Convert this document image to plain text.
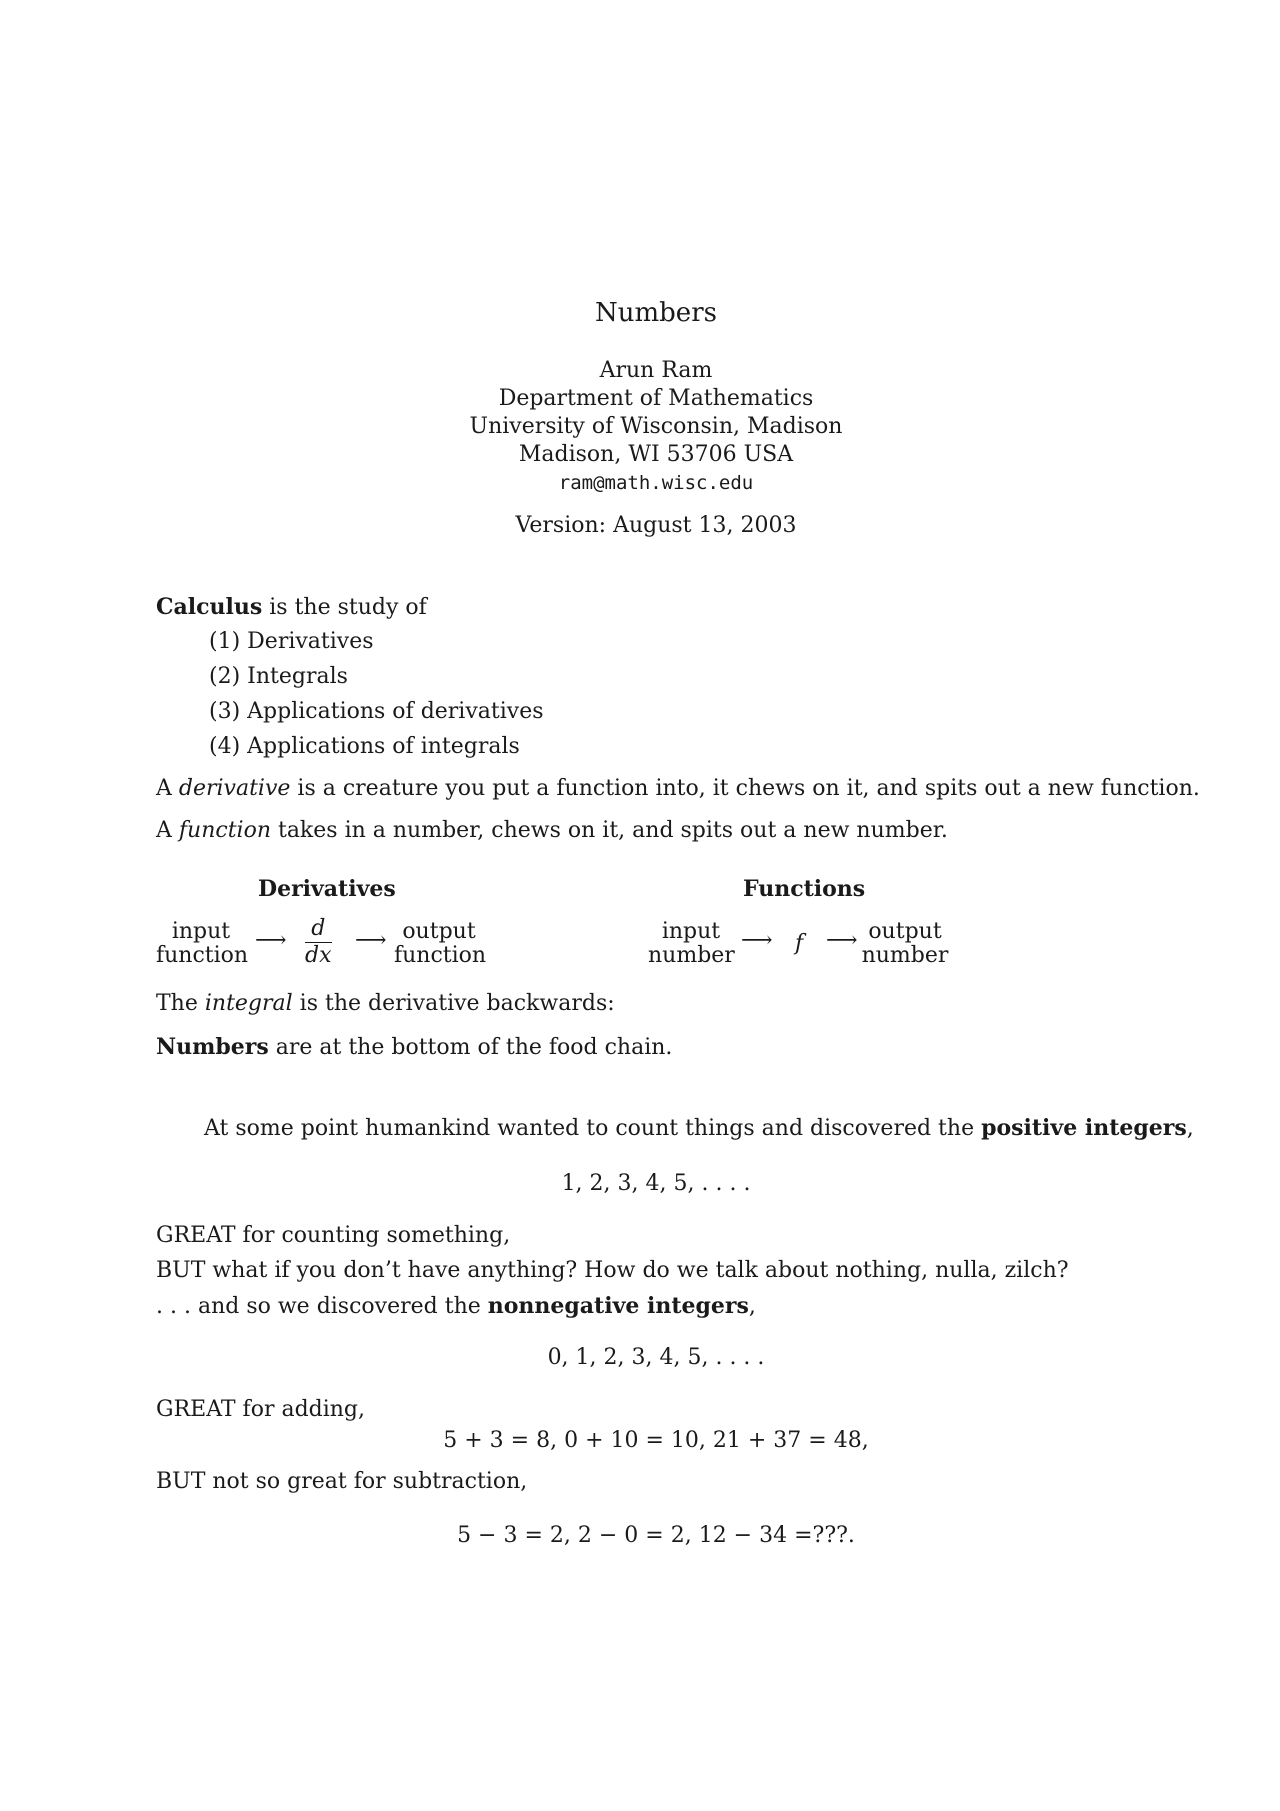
Numbers
Arun Ram
Department of Mathematics
University of Wisconsin, Madison
Madison, WI 53706 USA
ram@math.wisc.edu
Version: August 13, 2003
Calculus is the study of
(1) Derivatives
(2) Integrals
(3) Applications of derivatives
(4) Applications of integrals
A derivative is a creature you put a function into, it chews on it, and spits out a new function.
A function takes in a number, chews on it, and spits out a new number.
Derivatives
input
function
⟶ $\frac{d}{dx}$ ⟶ output
function
Functions
input
number
⟶ f ⟶ output
number
The integral is the derivative backwards:
Numbers are at the bottom of the food chain.
At some point humankind wanted to count things and discovered the positive integers,
1, 2, 3, 4, 5, . . . .
GREAT for counting something,
BUT what if you don’t have anything? How do we talk about nothing, nulla, zilch?
. . . and so we discovered the nonnegative integers,
0, 1, 2, 3, 4, 5, . . . .
GREAT for adding,
5 + 3 = 8, 0 + 10 = 10, 21 + 37 = 48,
BUT not so great for subtraction,
5 − 3 = 2, 2 − 0 = 2, 12 − 34 =???.
